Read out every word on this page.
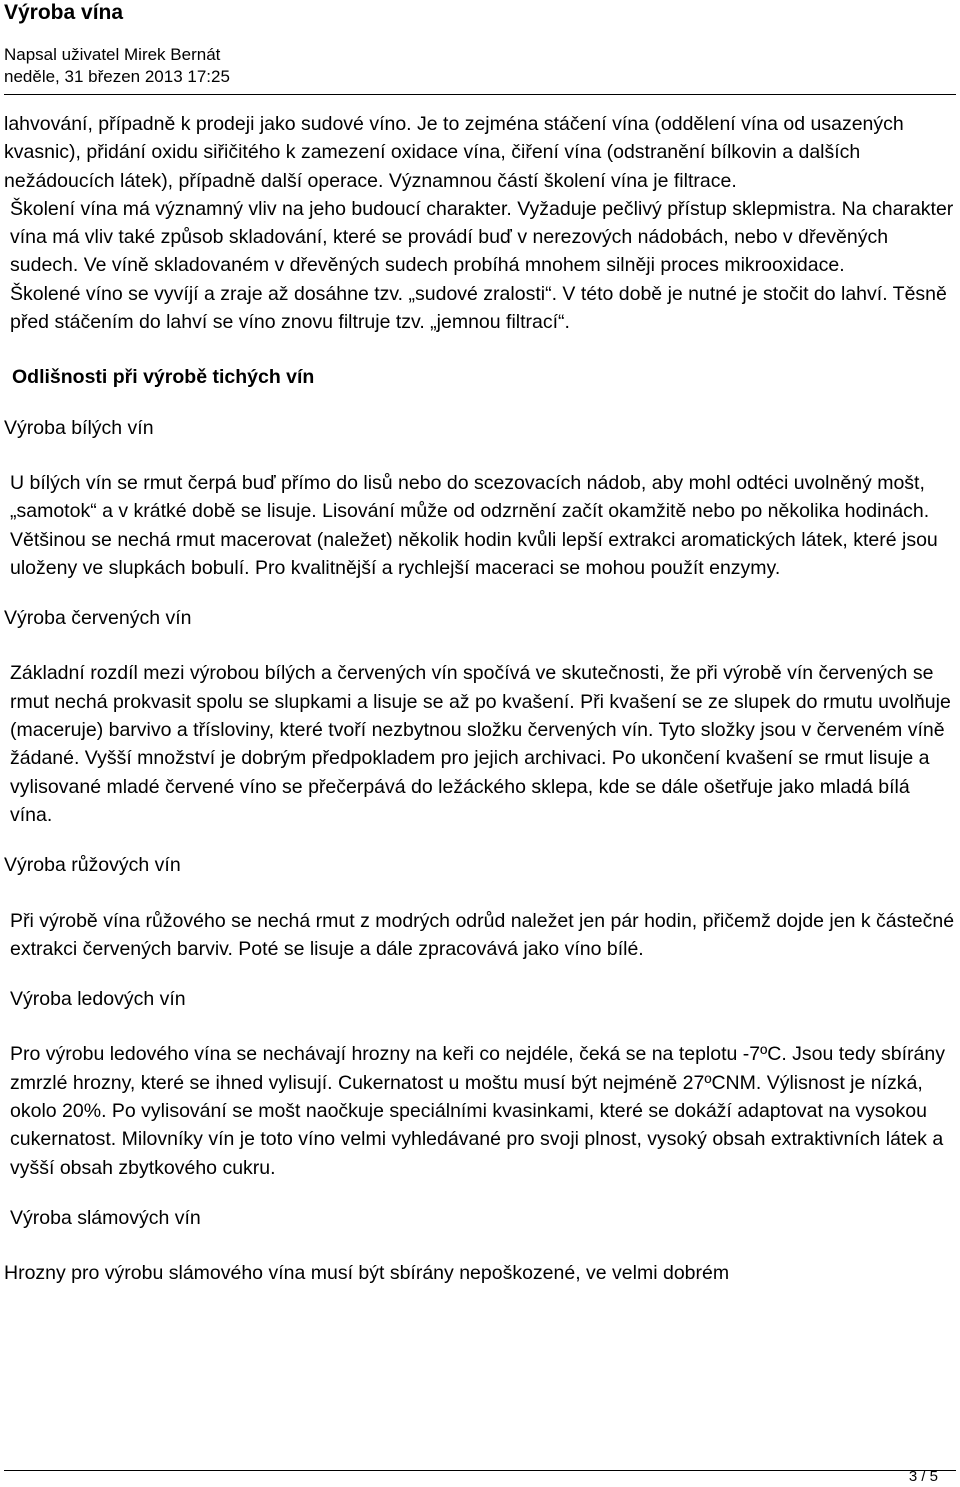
Výroba vína
Napsal uživatel Mirek Bernát
neděle, 31 březen 2013 17:25

lahvování, případně k prodeji jako sudové víno. Je to zejména stáčení vína (oddělení vína od usazených kvasnic), přidání oxidu siřičitého k zamezení oxidace vína, čiření vína (odstranění bílkovin a dalších nežádoucích látek), případně další operace. Významnou částí školení vína je filtrace.

Školení vína má významný vliv na jeho budoucí charakter. Vyžaduje pečlivý přístup sklepmistra. Na charakter vína má vliv také způsob skladování, které se provádí buď v nerezových nádobách, nebo v dřevěných sudech. Ve víně skladovaném v dřevěných sudech probíhá mnohem silněji proces mikrooxidace.

Školené víno se vyvíjí a zraje až dosáhne tzv. „sudové zralosti“. V této době je nutné je stočit do lahví. Těsně před stáčením do lahví se víno znovu filtruje tzv. „jemnou filtrací“.

Odlišnosti při výrobě tichých vín

Výroba bílých vín

U bílých vín se rmut čerpá buď přímo do lisů nebo do scezovacích nádob, aby mohl odtéci uvolněný mošt, „samotok“ a v krátké době se lisuje. Lisování může od odzrnění začít okamžitě nebo po několika hodinách. Většinou se nechá rmut macerovat (naležet) několik hodin kvůli lepší extrakci aromatických látek, které jsou uloženy ve slupkách bobulí. Pro kvalitnější a rychlejší maceraci se mohou použít enzymy.

Výroba červených vín

Základní rozdíl mezi výrobou bílých a červených vín spočívá ve skutečnosti, že při výrobě vín červených se rmut nechá prokvasit spolu se slupkami a lisuje se až po kvašení. Při kvašení se ze slupek do rmutu uvolňuje (maceruje) barvivo a třísloviny, které tvoří nezbytnou složku červených vín. Tyto složky jsou v červeném víně žádané. Vyšší množství je dobrým předpokladem pro jejich archivaci. Po ukončení kvašení se rmut lisuje a vylisované mladé červené víno se přečerpává do ležáckého sklepa, kde se dále ošetřuje jako mladá bílá vína.

Výroba růžových vín

Při výrobě vína růžového se nechá rmut z modrých odrůd naležet jen pár hodin, přičemž dojde jen k částečné extrakci červených barviv. Poté se lisuje a dále zpracovává jako víno bílé.

Výroba ledových vín

Pro výrobu ledového vína se nechávají hrozny na keři co nejdéle, čeká se na teplotu -7ºC. Jsou tedy sbírány zmrzlé hrozny, které se ihned vylisují. Cukernatost u moštu musí být nejméně 27ºCNM. Výlisnost je nízká, okolo 20%. Po vylisování se mošt naočkuje speciálními kvasinkami, které se dokáží adaptovat na vysokou cukernatost. Milovníky vín je toto víno velmi vyhledávané pro svoji plnost, vysoký obsah extraktivních látek a vyšší obsah zbytkového cukru.

Výroba slámových vín

Hrozny pro výrobu slámového vína musí být sbírány nepoškozené, ve velmi dobrém

3 / 5
